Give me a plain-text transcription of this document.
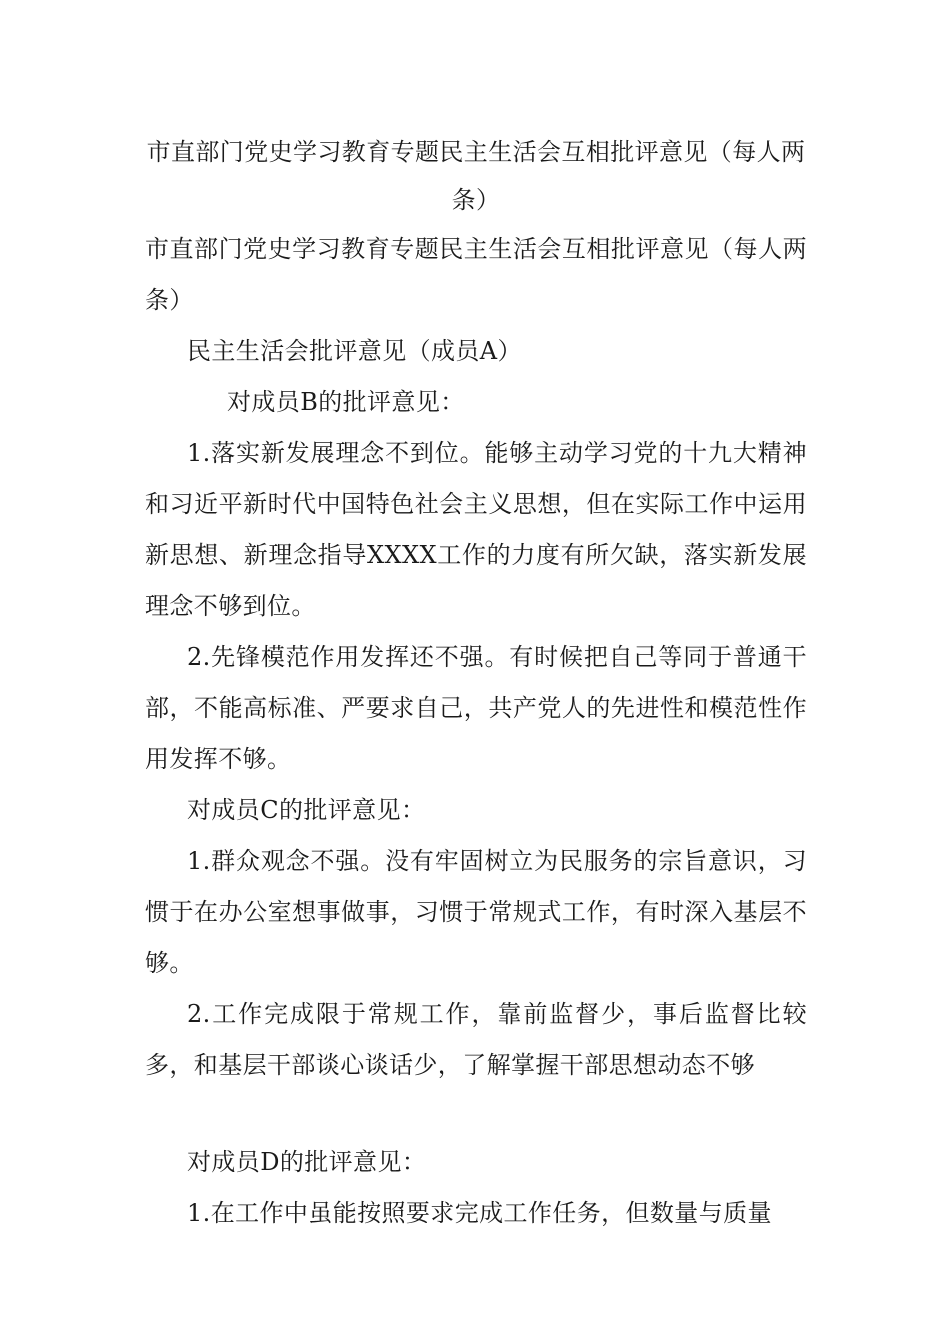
市直部门党史学习教育专题民主生活会互相批评意见（每人两条）

市直部门党史学习教育专题民主生活会互相批评意见（每人两条）

民主生活会批评意见（成员A）

对成员B的批评意见：

1.落实新发展理念不到位。能够主动学习党的十九大精神和习近平新时代中国特色社会主义思想，但在实际工作中运用新思想、新理念指导XXXX工作的力度有所欠缺，落实新发展理念不够到位。

2.先锋模范作用发挥还不强。有时候把自己等同于普通干部，不能高标准、严要求自己，共产党人的先进性和模范性作用发挥不够。

对成员C的批评意见：

1.群众观念不强。没有牢固树立为民服务的宗旨意识，习惯于在办公室想事做事，习惯于常规式工作，有时深入基层不够。

2.工作完成限于常规工作，靠前监督少，事后监督比较多，和基层干部谈心谈话少，了解掌握干部思想动态不够

对成员D的批评意见：

1.在工作中虽能按照要求完成工作任务，但数量与质量
